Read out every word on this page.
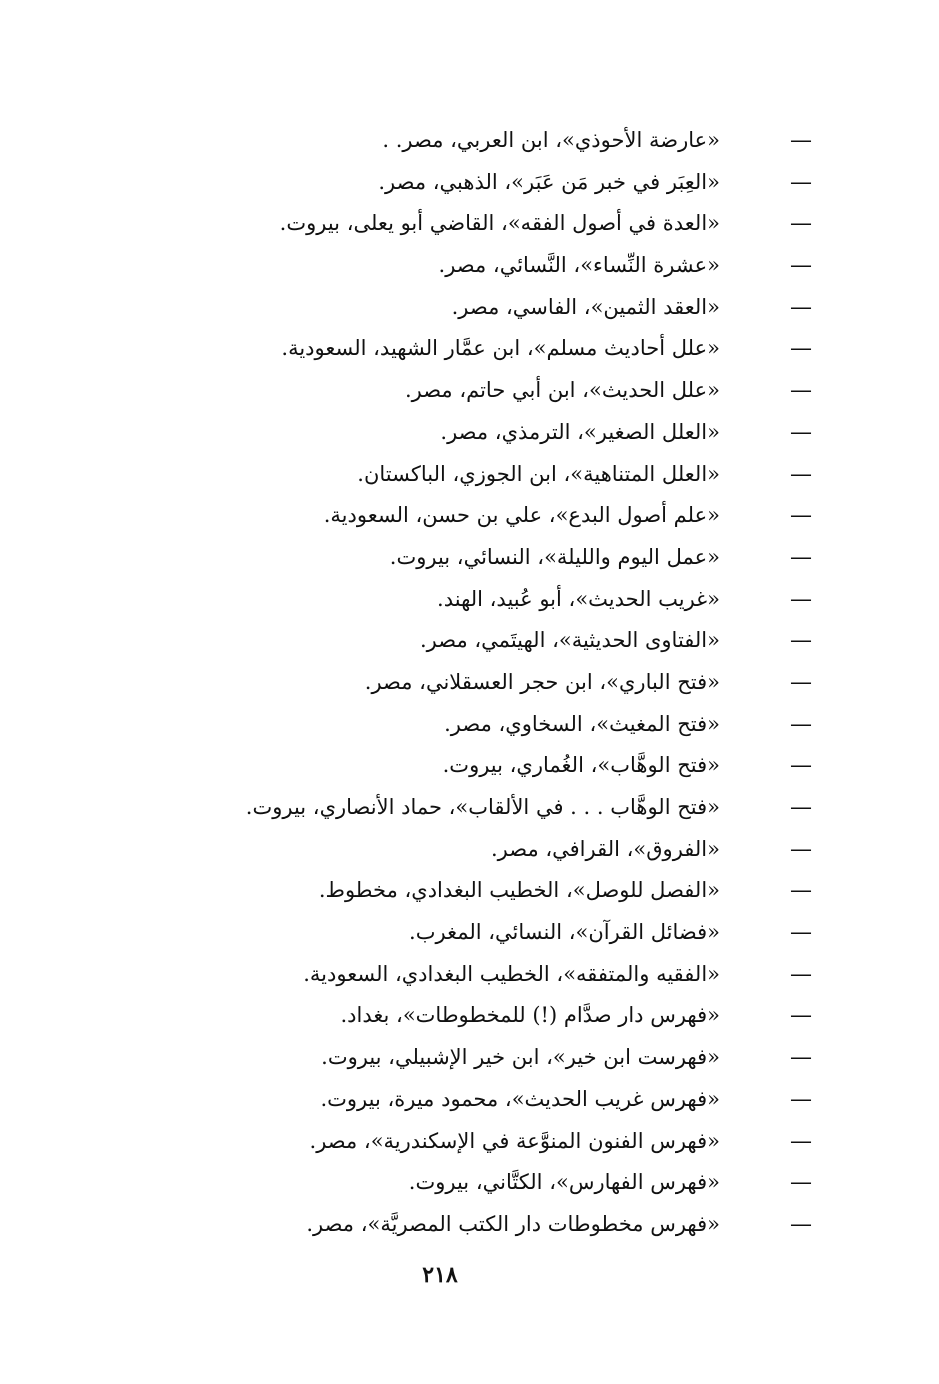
—
«عارضة الأحوذي»، ابن العربي، مصر. .
—
«العِبَر في خبر مَن عَبَر»، الذهبي، مصر.
—
«العدة في أصول الفقه»، القاضي أبو يعلى، بيروت.
—
«عشرة النِّساء»، النَّسائي، مصر.
—
«العقد الثمين»، الفاسي، مصر.
—
«علل أحاديث مسلم»، ابن عمَّار الشهيد، السعودية.
—
«علل الحديث»، ابن أبي حاتم، مصر.
—
«العلل الصغير»، الترمذي، مصر.
—
«العلل المتناهية»، ابن الجوزي، الباكستان.
—
«علم أصول البدع»، علي بن حسن، السعودية.
—
«عمل اليوم والليلة»، النسائي، بيروت.
—
«غريب الحديث»، أبو عُبيد، الهند.
—
«الفتاوى الحديثية»، الهيتَمي، مصر.
—
«فتح الباري»، ابن حجر العسقلاني، مصر.
—
«فتح المغيث»، السخاوي، مصر.
—
«فتح الوهَّاب»، الغُماري، بيروت.
—
«فتح الوهَّاب . . . في الألقاب»، حماد الأنصاري، بيروت.
—
«الفروق»، القرافي، مصر.
—
«الفصل للوصل»، الخطيب البغدادي، مخطوط.
—
«فضائل القرآن»، النسائي، المغرب.
—
«الفقيه والمتفقه»، الخطيب البغدادي، السعودية.
—
«فهرس دار صدَّام (!) للمخطوطات»، بغداد.
—
«فهرست ابن خير»، ابن خير الإشبيلي، بيروت.
—
«فهرس غريب الحديث»، محمود ميرة، بيروت.
—
«فهرس الفنون المنوَّعة في الإسكندرية»، مصر.
—
«فهرس الفهارس»، الكتَّاني، بيروت.
—
«فهرس مخطوطات دار الكتب المصريَّة»، مصر.
٢١٨
